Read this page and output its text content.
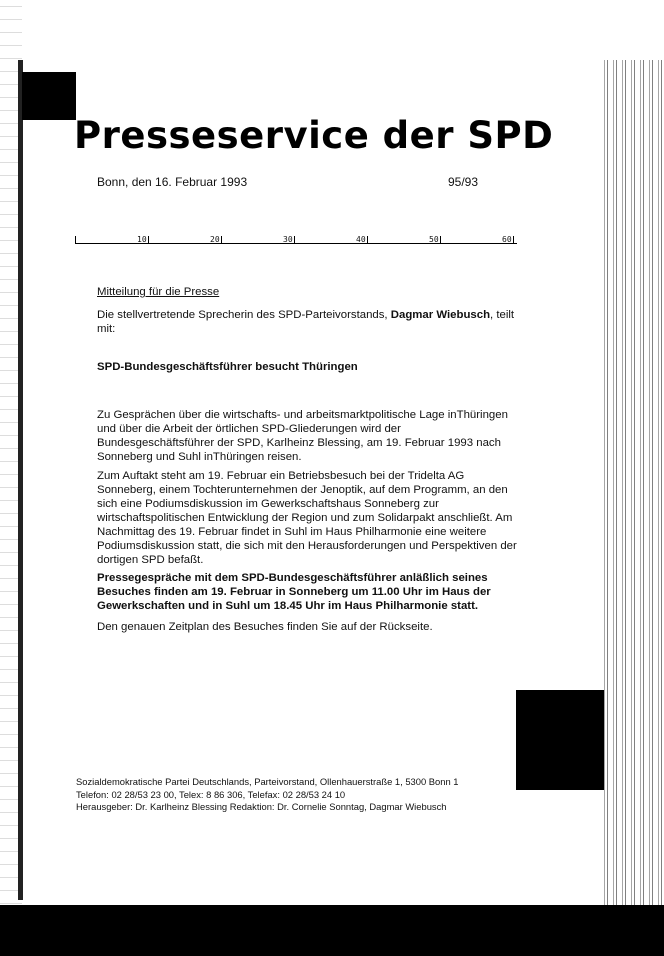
Presseservice der SPD
Bonn, den 16. Februar 1993	95/93
10	20	30	40	50	60
Mitteilung für die Presse
Die stellvertretende Sprecherin des SPD-Parteivorstands, Dagmar Wiebusch, teilt mit:
SPD-Bundesgeschäftsführer besucht Thüringen
Zu Gesprächen über die wirtschafts- und arbeitsmarktpolitische Lage inThüringen und über die Arbeit der örtlichen SPD-Gliederungen wird der Bundesgeschäftsführer der SPD, Karlheinz Blessing, am 19. Februar 1993 nach Sonneberg und Suhl inThüringen reisen.
Zum Auftakt steht am 19. Februar ein Betriebsbesuch bei der Tridelta AG Sonneberg, einem Tochterunternehmen der Jenoptik, auf dem Programm, an den sich eine Podiumsdiskussion im Gewerkschaftshaus Sonneberg zur wirtschaftspolitischen Entwicklung der Region und zum Solidarpakt anschließt. Am Nachmittag des 19. Februar findet in Suhl im Haus Philharmonie eine weitere Podiumsdiskussion statt, die sich mit den Herausforderungen und Perspektiven der dortigen SPD befaßt.
Pressegespräche mit dem SPD-Bundesgeschäftsführer anläßlich seines Besuches finden am 19. Februar in Sonneberg um 11.00 Uhr im Haus der Gewerkschaften und in Suhl um 18.45 Uhr im Haus Philharmonie statt.
Den genauen Zeitplan des Besuches finden Sie auf der Rückseite.
Sozialdemokratische Partei Deutschlands, Parteivorstand, Ollenhauerstraße 1, 5300 Bonn 1
Telefon: 02 28/53 23 00, Telex: 8 86 306, Telefax: 02 28/53 24 10
Herausgeber: Dr. Karlheinz Blessing Redaktion: Dr. Cornelie Sonntag, Dagmar Wiebusch
